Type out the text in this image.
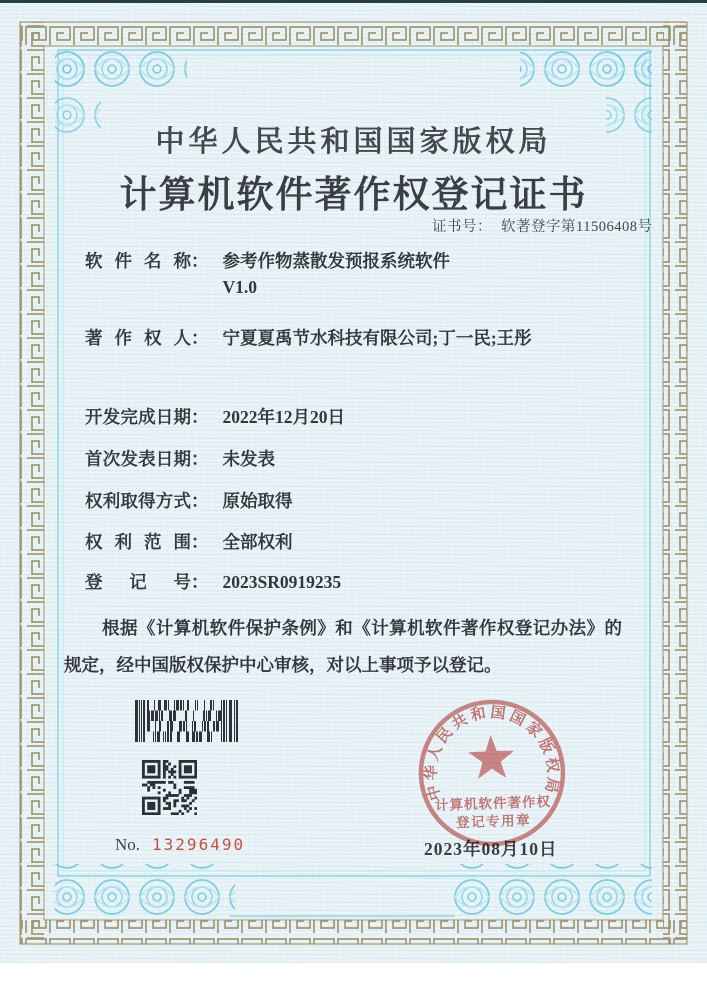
中华人民共和国国家版权局
计算机软件著作权登记证书
证书号： 软著登字第11506408号
软件名称 ： 参考作物蒸散发预报系统软件
V1.0
著作权人 ： 宁夏夏禹节水科技有限公司;丁一民;王彤
开发完成日期 ： 2022年12月20日
首次发表日期 ： 未发表
权利取得方式 ： 原始取得
权利范围 ： 全部权利
登记号 ： 2023SR0919235
根据《计算机软件保护条例》和《计算机软件著作权登记办法》的规定，经中国版权保护中心审核，对以上事项予以登记。
No. 13296490	2023年08月10日
中华人民共和国国家版权局
计算机软件著作权
登记专用章
